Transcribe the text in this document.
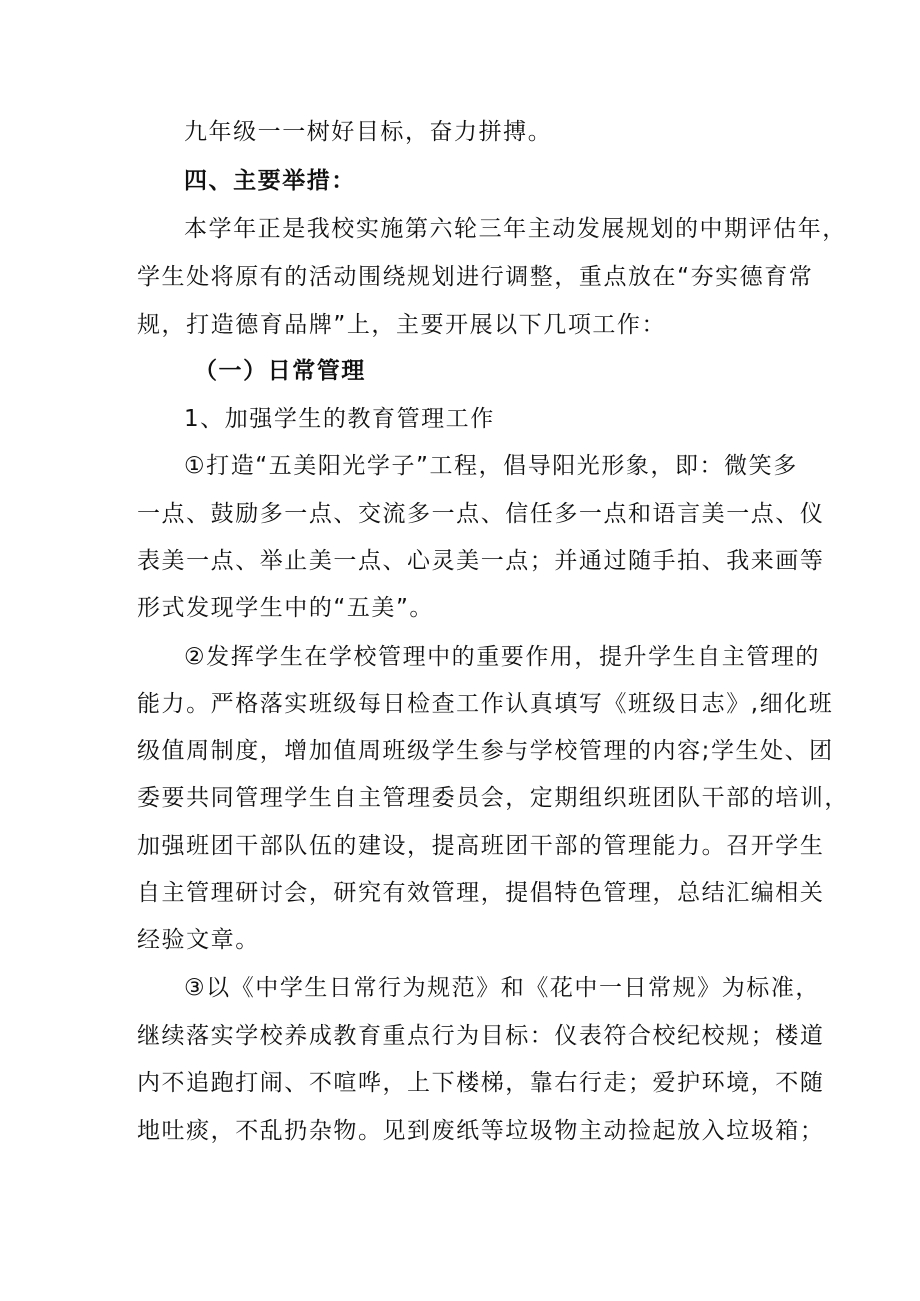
九年级一一树好目标，奋力拼搏。
四、主要举措：
本学年正是我校实施第六轮三年主动发展规划的中期评估年，
学生处将原有的活动围绕规划进行调整，重点放在“夯实德育常
规，打造德育品牌”上，主要开展以下几项工作：
（一）日常管理
1、加强学生的教育管理工作
①打造“五美阳光学子”工程，倡导阳光形象，即：微笑多
一点、鼓励多一点、交流多一点、信任多一点和语言美一点、仪
表美一点、举止美一点、心灵美一点；并通过随手拍、我来画等
形式发现学生中的“五美”。
②发挥学生在学校管理中的重要作用，提升学生自主管理的
能力。严格落实班级每日检查工作认真填写《班级日志》,细化班
级值周制度，增加值周班级学生参与学校管理的内容;学生处、团
委要共同管理学生自主管理委员会，定期组织班团队干部的培训，
加强班团干部队伍的建设，提高班团干部的管理能力。召开学生
自主管理研讨会，研究有效管理，提倡特色管理，总结汇编相关
经验文章。
③以《中学生日常行为规范》和《花中一日常规》为标准，
继续落实学校养成教育重点行为目标：仪表符合校纪校规；楼道
内不追跑打闹、不喧哗，上下楼梯，靠右行走；爱护环境，不随
地吐痰，不乱扔杂物。见到废纸等垃圾物主动捡起放入垃圾箱；
